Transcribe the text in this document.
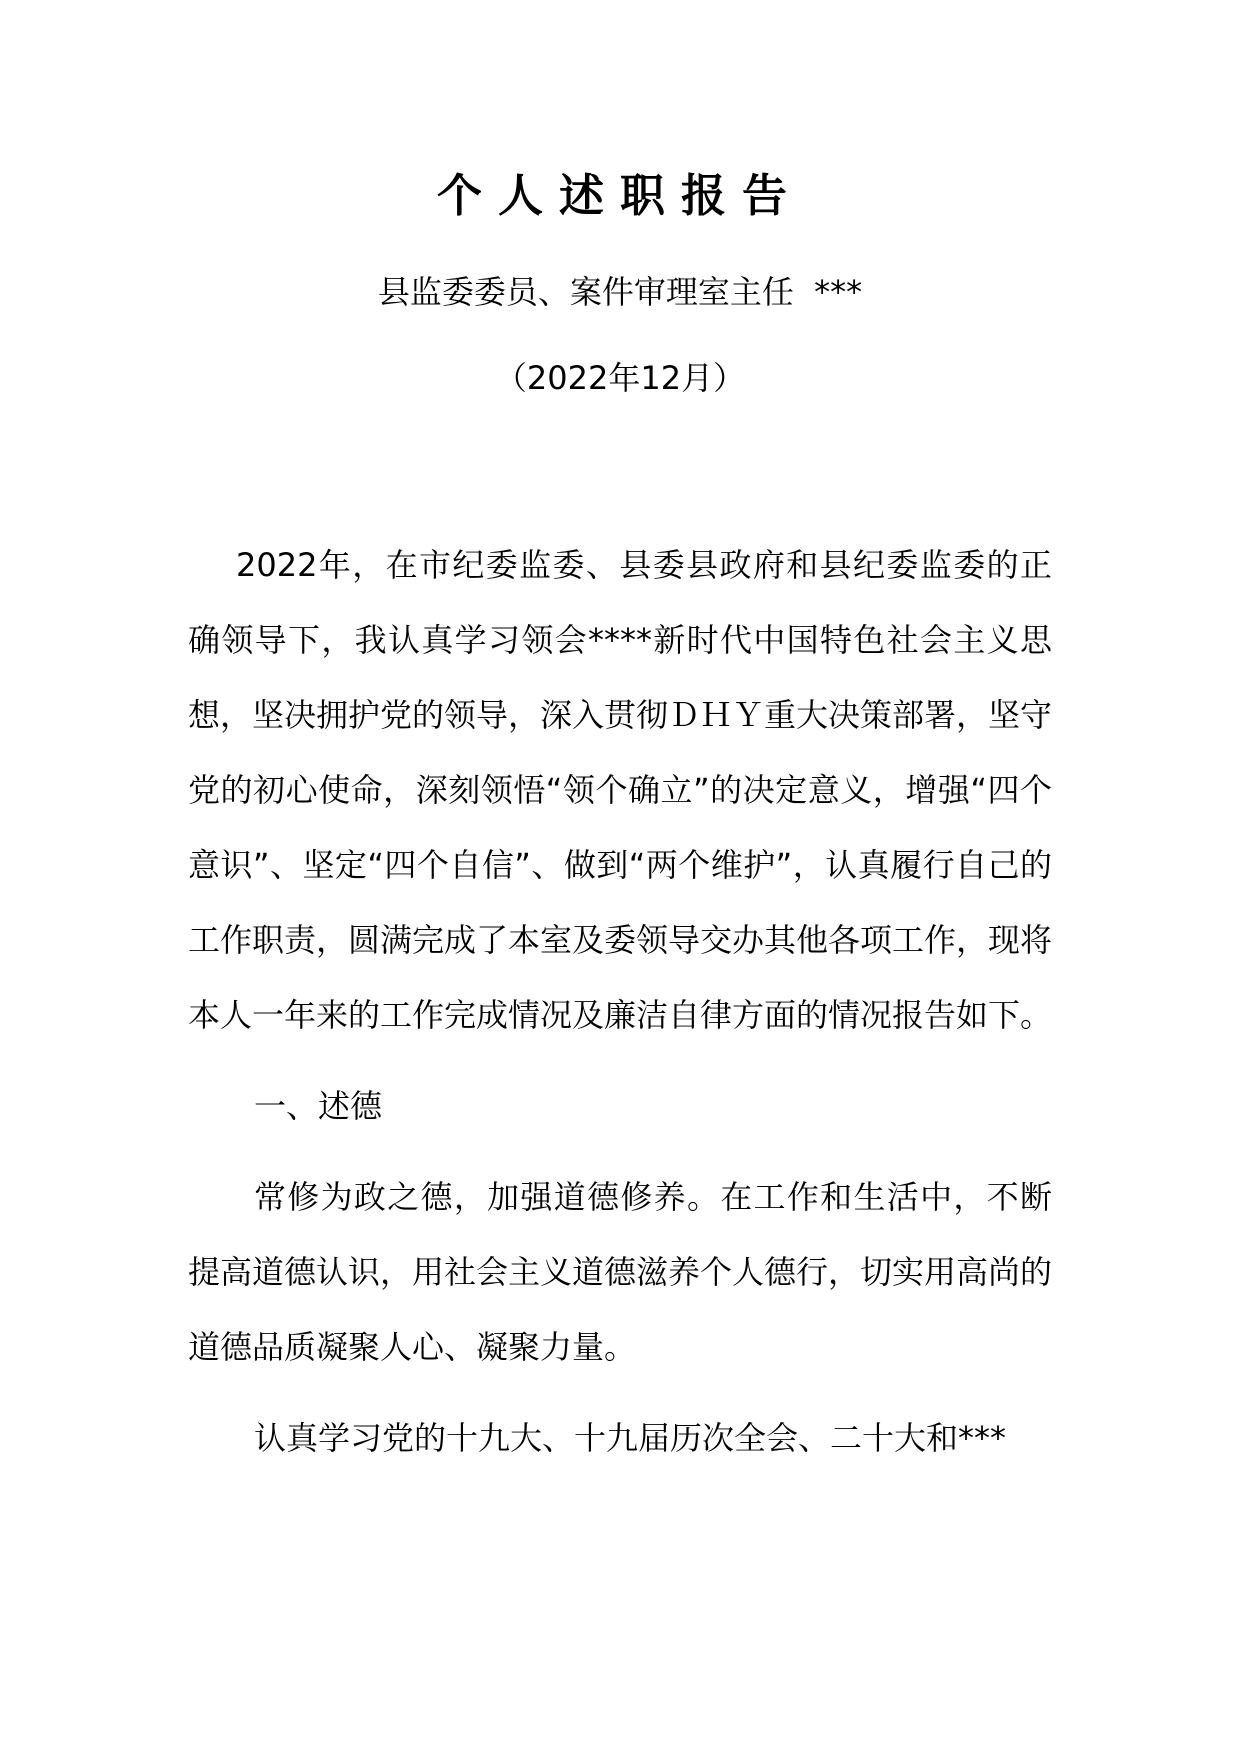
个人述职报告
县监委委员、案件审理室主任  ***
（2022年12月）

2022年，在市纪委监委、县委县政府和县纪委监委的正确领导下，我认真学习领会****新时代中国特色社会主义思想，坚决拥护党的领导，深入贯彻ＤＨＹ重大决策部署，坚守党的初心使命，深刻领悟“领个确立”的决定意义，增强“四个意识”、坚定“四个自信”、做到“两个维护”，认真履行自己的工作职责，圆满完成了本室及委领导交办其他各项工作，现将本人一年来的工作完成情况及廉洁自律方面的情况报告如下。

一、述德

常修为政之德，加强道德修养。在工作和生活中，不断提高道德认识，用社会主义道德滋养个人德行，切实用高尚的道德品质凝聚人心、凝聚力量。

认真学习党的十九大、十九届历次全会、二十大和***
